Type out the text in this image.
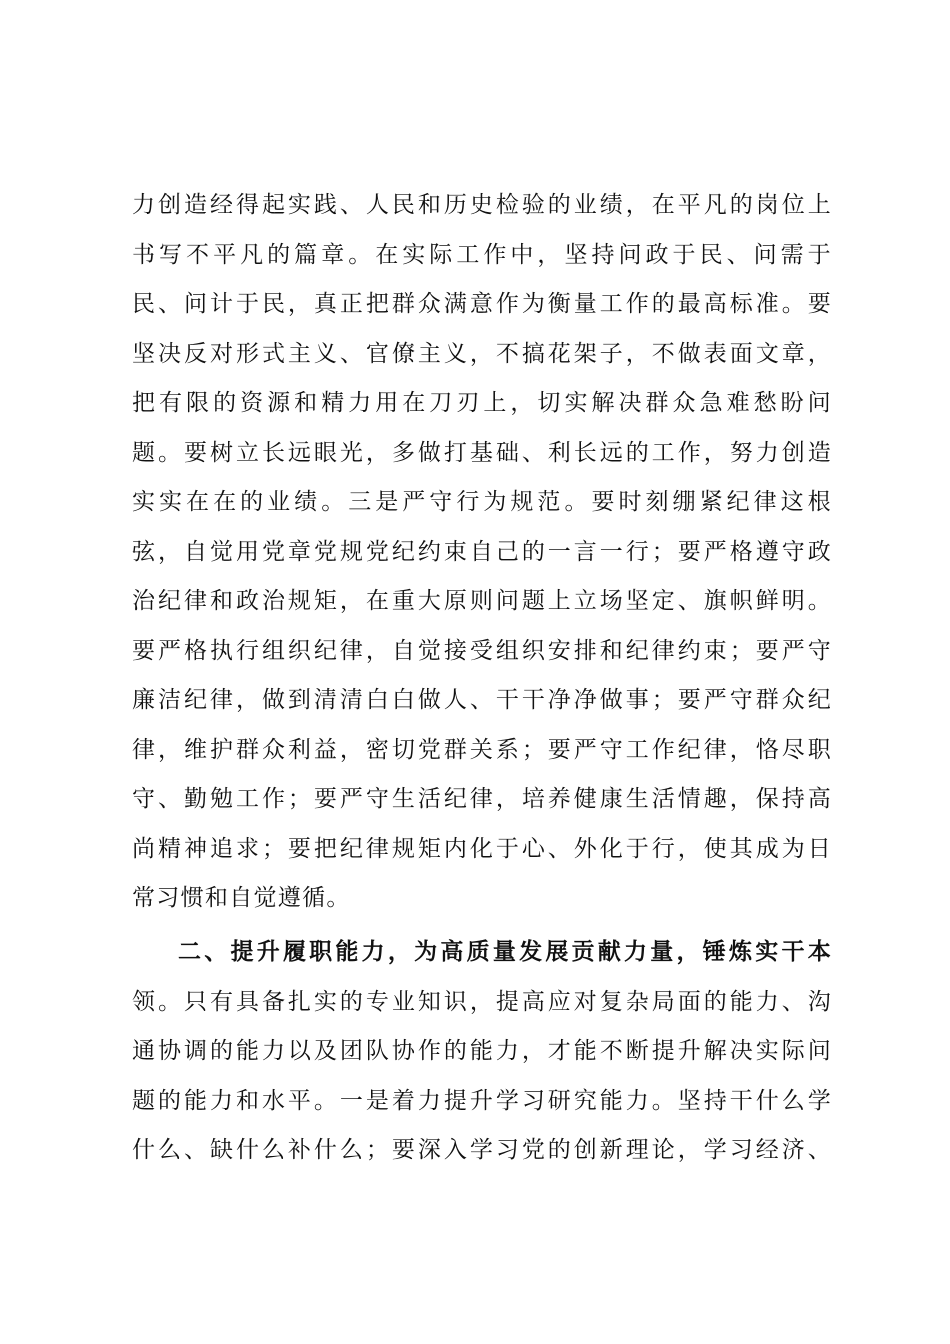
力创造经得起实践、人民和历史检验的业绩，在平凡的岗位上
书写不平凡的篇章。在实际工作中，坚持问政于民、问需于
民、问计于民，真正把群众满意作为衡量工作的最高标准。要
坚决反对形式主义、官僚主义，不搞花架子，不做表面文章，
把有限的资源和精力用在刀刃上，切实解决群众急难愁盼问
题。要树立长远眼光，多做打基础、利长远的工作，努力创造
实实在在的业绩。三是严守行为规范。要时刻绷紧纪律这根
弦，自觉用党章党规党纪约束自己的一言一行；要严格遵守政
治纪律和政治规矩，在重大原则问题上立场坚定、旗帜鲜明。
要严格执行组织纪律，自觉接受组织安排和纪律约束；要严守
廉洁纪律，做到清清白白做人、干干净净做事；要严守群众纪
律，维护群众利益，密切党群关系；要严守工作纪律，恪尽职
守、勤勉工作；要严守生活纪律，培养健康生活情趣，保持高
尚精神追求；要把纪律规矩内化于心、外化于行，使其成为日
常习惯和自觉遵循。
二、提升履职能力，为高质量发展贡献力量，锤炼实干本
领。只有具备扎实的专业知识，提高应对复杂局面的能力、沟
通协调的能力以及团队协作的能力，才能不断提升解决实际问
题的能力和水平。一是着力提升学习研究能力。坚持干什么学
什么、缺什么补什么；要深入学习党的创新理论，学习经济、
